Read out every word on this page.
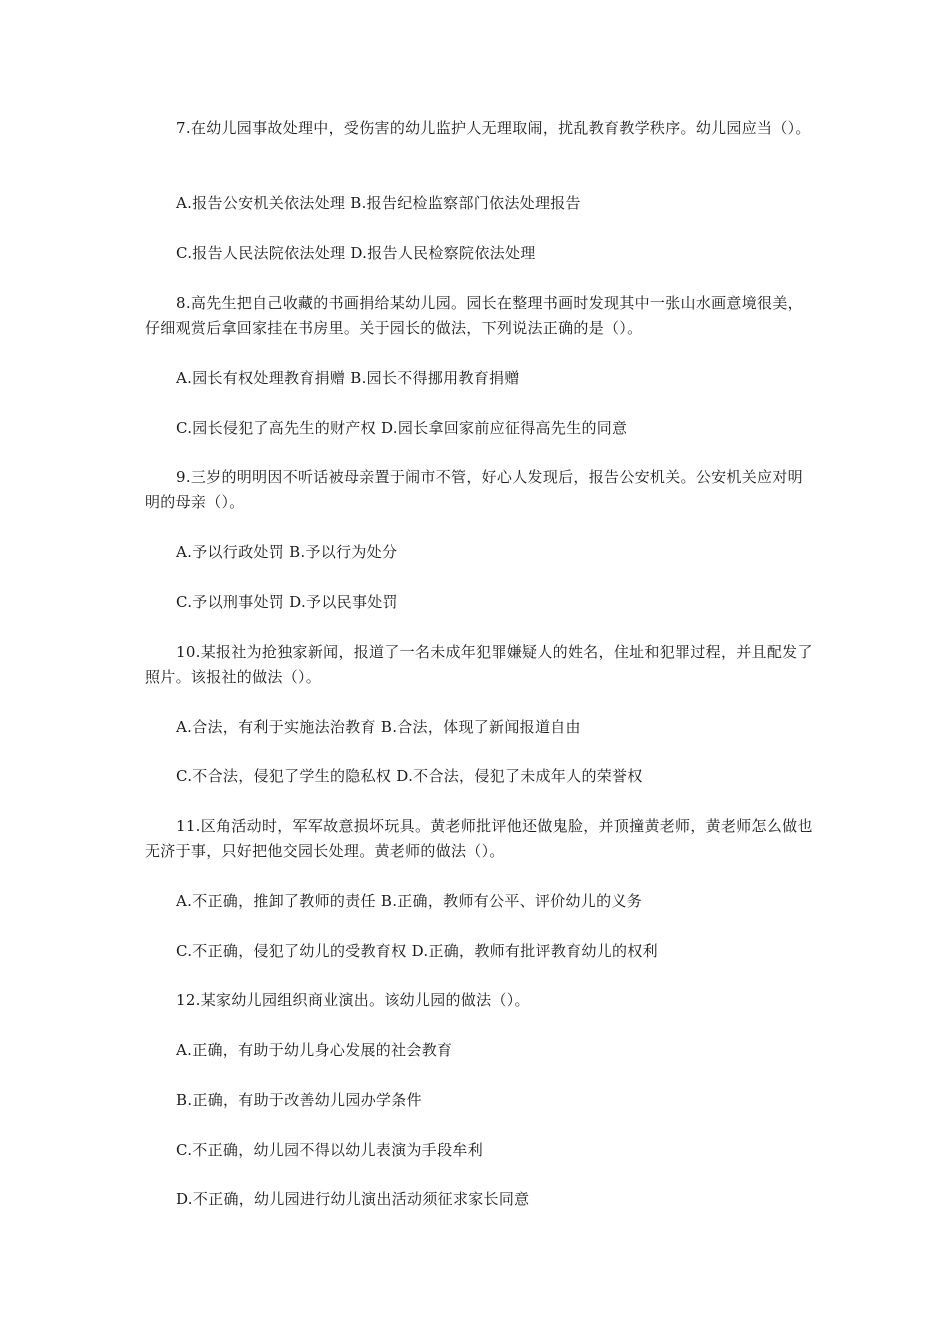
7.在幼儿园事故处理中，受伤害的幼儿监护人无理取闹，扰乱教育教学秩序。幼儿园应当（）。

A.报告公安机关依法处理 B.报告纪检监察部门依法处理报告

C.报告人民法院依法处理 D.报告人民检察院依法处理

8.高先生把自己收藏的书画捐给某幼儿园。园长在整理书画时发现其中一张山水画意境很美，仔细观赏后拿回家挂在书房里。关于园长的做法，下列说法正确的是（）。

A.园长有权处理教育捐赠 B.园长不得挪用教育捐赠

C.园长侵犯了高先生的财产权 D.园长拿回家前应征得高先生的同意

9.三岁的明明因不听话被母亲置于闹市不管，好心人发现后，报告公安机关。公安机关应对明明的母亲（）。

A.予以行政处罚 B.予以行为处分

C.予以刑事处罚 D.予以民事处罚

10.某报社为抢独家新闻，报道了一名未成年犯罪嫌疑人的姓名，住址和犯罪过程，并且配发了照片。该报社的做法（）。

A.合法，有利于实施法治教育 B.合法，体现了新闻报道自由

C.不合法，侵犯了学生的隐私权 D.不合法，侵犯了未成年人的荣誉权

11.区角活动时，军军故意损坏玩具。黄老师批评他还做鬼脸，并顶撞黄老师，黄老师怎么做也无济于事，只好把他交园长处理。黄老师的做法（）。

A.不正确，推卸了教师的责任 B.正确，教师有公平、评价幼儿的义务

C.不正确，侵犯了幼儿的受教育权 D.正确，教师有批评教育幼儿的权利

12.某家幼儿园组织商业演出。该幼儿园的做法（）。

A.正确，有助于幼儿身心发展的社会教育

B.正确，有助于改善幼儿园办学条件

C.不正确，幼儿园不得以幼儿表演为手段牟利

D.不正确，幼儿园进行幼儿演出活动须征求家长同意
